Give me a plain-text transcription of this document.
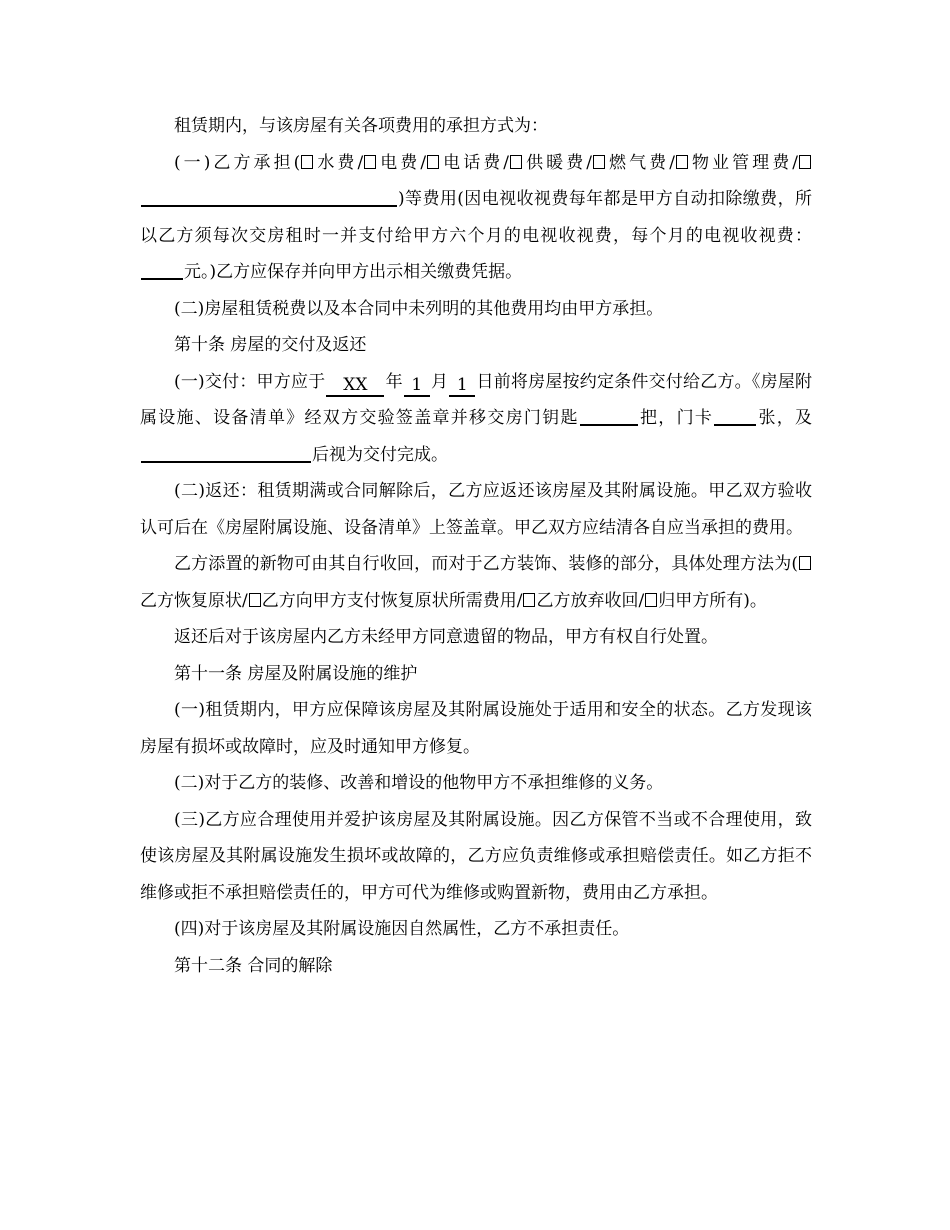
租赁期内，与该房屋有关各项费用的承担方式为：

(一)乙方承担( 水费/ 电费/ 电话费/ 供暖费/ 燃气费/ 物业管理费/)等费用(因电视收视费每年都是甲方自动扣除缴费，所以乙方须每次交房租时一并支付给甲方六个月的电视收视费，每个月的电视收视费：元。)乙方应保存并向甲方出示相关缴费凭据。

(二)房屋租赁税费以及本合同中未列明的其他费用均由甲方承担。

第十条 房屋的交付及返还

(一)交付：甲方应于 XX 年 1 月 1 日前将房屋按约定条件交付给乙方。《房屋附属设施、设备清单》经双方交验签盖章并移交房门钥匙	把，门卡	张，及后视为交付完成。

(二)返还：租赁期满或合同解除后，乙方应返还该房屋及其附属设施。甲乙双方验收认可后在《房屋附属设施、设备清单》上签盖章。甲乙双方应结清各自应当承担的费用。

乙方添置的新物可由其自行收回，而对于乙方装饰、装修的部分，具体处理方法为(乙方恢复原状/ 乙方向甲方支付恢复原状所需费用/ 乙方放弃收回/ 归甲方所有)。

返还后对于该房屋内乙方未经甲方同意遗留的物品，甲方有权自行处置。

第十一条 房屋及附属设施的维护

(一)租赁期内，甲方应保障该房屋及其附属设施处于适用和安全的状态。乙方发现该房屋有损坏或故障时，应及时通知甲方修复。

(二)对于乙方的装修、改善和增设的他物甲方不承担维修的义务。

(三)乙方应合理使用并爱护该房屋及其附属设施。因乙方保管不当或不合理使用，致使该房屋及其附属设施发生损坏或故障的，乙方应负责维修或承担赔偿责任。如乙方拒不维修或拒不承担赔偿责任的，甲方可代为维修或购置新物，费用由乙方承担。

(四)对于该房屋及其附属设施因自然属性，乙方不承担责任。

第十二条 合同的解除
